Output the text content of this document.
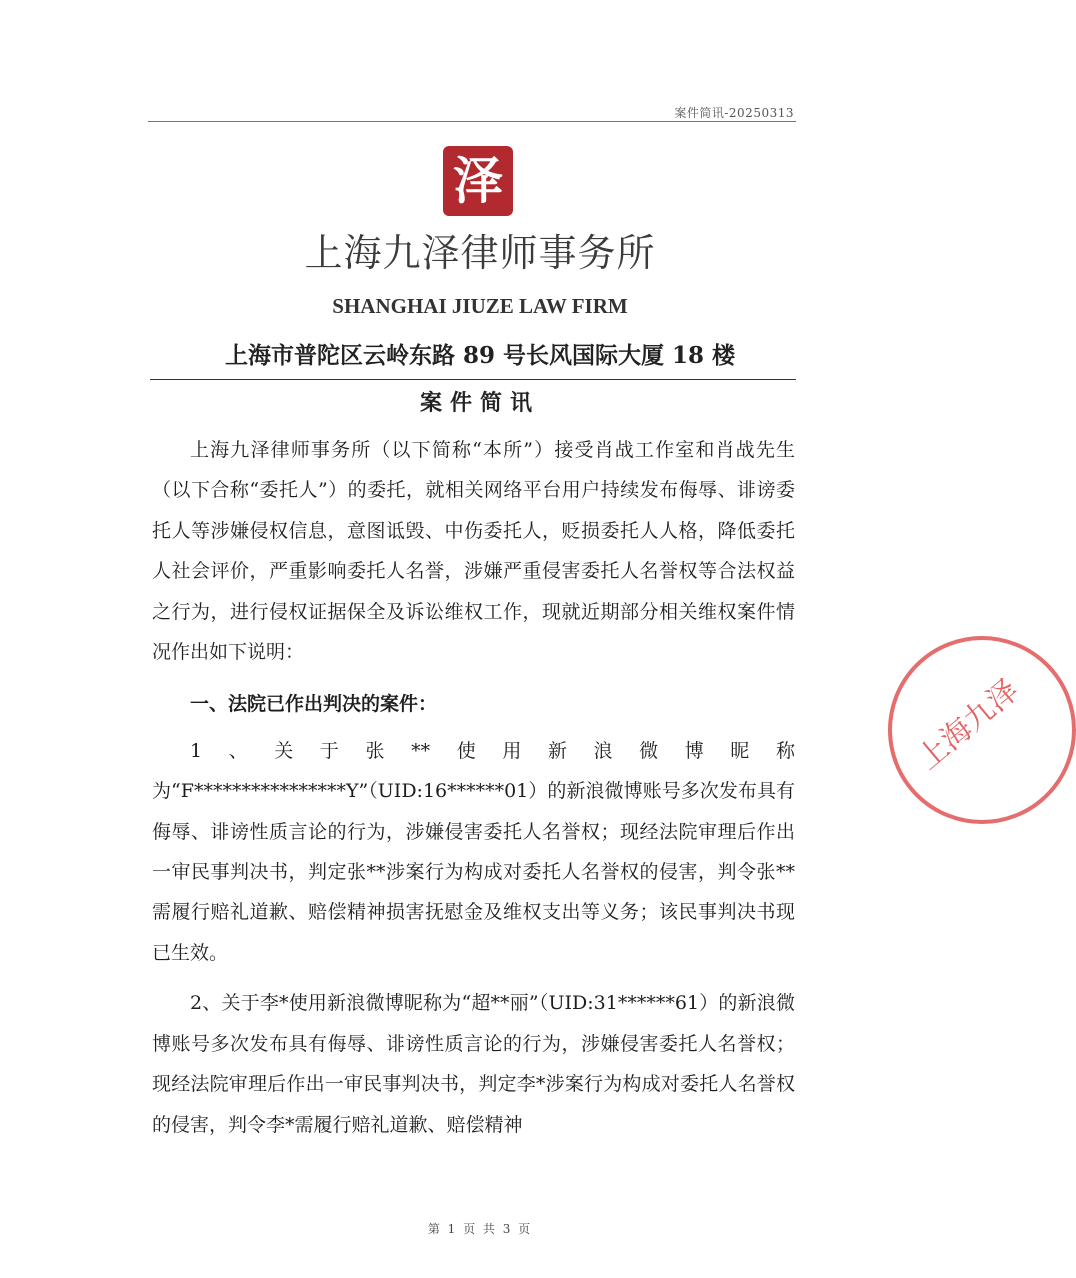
案件简讯-20250313
泽
上海九泽律师事务所
SHANGHAI JIUZE LAW FIRM
上海市普陀区云岭东路 89 号长风国际大厦 18 楼
案件简讯

上海九泽律师事务所（以下简称“本所”）接受肖战工作室和肖战先生（以下合称“委托人”）的委托，就相关网络平台用户持续发布侮辱、诽谤委托人等涉嫌侵权信息，意图诋毁、中伤委托人，贬损委托人人格，降低委托人社会评价，严重影响委托人名誉，涉嫌严重侵害委托人名誉权等合法权益之行为，进行侵权证据保全及诉讼维权工作，现就近期部分相关维权案件情况作出如下说明：

一、法院已作出判决的案件：

1、关于张**使用新浪微博昵称为“F****************Y”（UID:16******01）的新浪微博账号多次发布具有侮辱、诽谤性质言论的行为，涉嫌侵害委托人名誉权；现经法院审理后作出一审民事判决书，判定张**涉案行为构成对委托人名誉权的侵害，判令张**需履行赔礼道歉、赔偿精神损害抚慰金及维权支出等义务；该民事判决书现已生效。

2、关于李*使用新浪微博昵称为“超**丽”（UID:31******61）的新浪微博账号多次发布具有侮辱、诽谤性质言论的行为，涉嫌侵害委托人名誉权；现经法院审理后作出一审民事判决书，判定李*涉案行为构成对委托人名誉权的侵害，判令李*需履行赔礼道歉、赔偿精神

第 1 页 共 3 页
上海九泽
